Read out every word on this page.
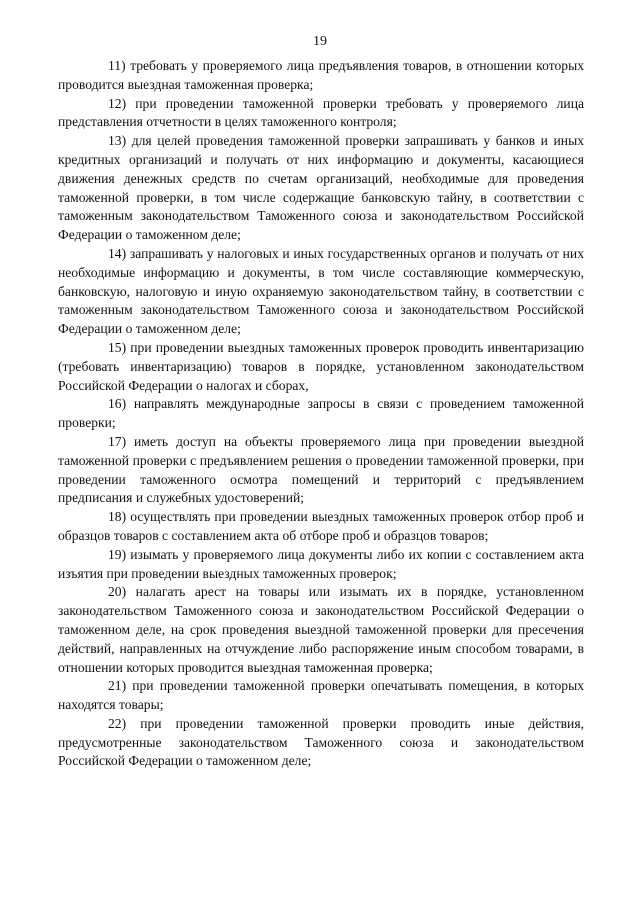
19

11) требовать у проверяемого лица предъявления товаров, в отношении которых проводится выездная таможенная проверка;

12) при проведении таможенной проверки требовать у проверяемого лица представления отчетности в целях таможенного контроля;

13) для целей проведения таможенной проверки запрашивать у банков и иных кредитных организаций и получать от них информацию и документы, касающиеся движения денежных средств по счетам организаций, необходимые для проведения таможенной проверки, в том числе содержащие банковскую тайну, в соответствии с таможенным законодательством Таможенного союза и законодательством Российской Федерации о таможенном деле;

14) запрашивать у налоговых и иных государственных органов и получать от них необходимые информацию и документы, в том числе составляющие коммерческую, банковскую, налоговую и иную охраняемую законодательством тайну, в соответствии с таможенным законодательством Таможенного союза и законодательством Российской Федерации о таможенном деле;

15) при проведении выездных таможенных проверок проводить инвентаризацию (требовать инвентаризацию) товаров в порядке, установленном законодательством Российской Федерации о налогах и сборах,

16) направлять международные запросы в связи с проведением таможенной проверки;

17) иметь доступ на объекты проверяемого лица при проведении выездной таможенной проверки с предъявлением решения о проведении таможенной проверки, при проведении таможенного осмотра помещений и территорий с предъявлением предписания и служебных удостоверений;

18) осуществлять при проведении выездных таможенных проверок отбор проб и образцов товаров с составлением акта об отборе проб и образцов товаров;

19) изымать у проверяемого лица документы либо их копии с составлением акта изъятия при проведении выездных таможенных проверок;

20) налагать арест на товары или изымать их в порядке, установленном законодательством Таможенного союза и законодательством Российской Федерации о таможенном деле, на срок проведения выездной таможенной проверки для пресечения действий, направленных на отчуждение либо распоряжение иным способом товарами, в отношении которых проводится выездная таможенная проверка;

21) при проведении таможенной проверки опечатывать помещения, в которых находятся товары;

22) при проведении таможенной проверки проводить иные действия, предусмотренные законодательством Таможенного союза и законодательством Российской Федерации о таможенном деле;
